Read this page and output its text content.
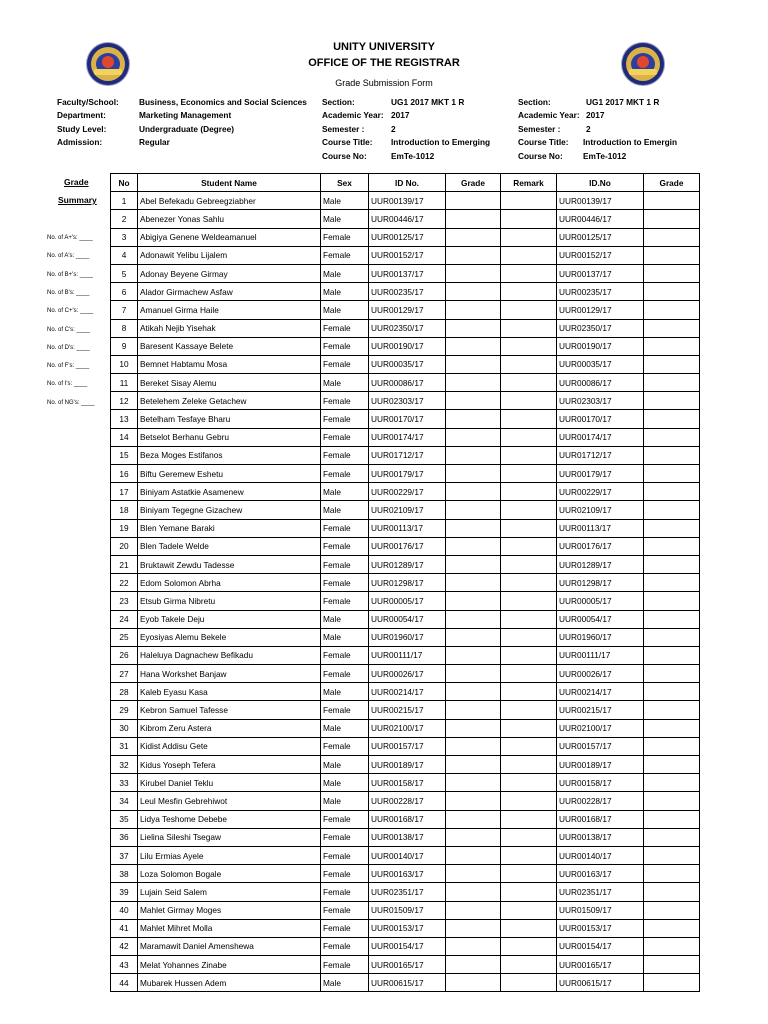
UNITY UNIVERSITY
OFFICE OF THE REGISTRAR
Grade Submission Form
Faculty/School: Business, Economics and Social Sciences
Department:	Marketing Management
Study Level:	Undergraduate (Degree)
Admission:	Regular
Section:	UG1 2017 MKT 1 R
Academic Year: 2017
Semester :	2
Course Title: Introduction to Emerging
Course No:	EmTe-1012
Section:	UG1 2017 MKT 1 R
Academic Year: 2017
Semester :	2
Course Title: Introduction to Emergin
Course No: EmTe-1012
Grade
Summary
No. of A+'s: ____
No. of A's: ____
No. of B+'s: ____
No. of B's: ____
No. of C+'s: ____
No. of C's: ____
No. of D's: ____
No. of F's: ____
No. of I's: ____
No. of NG's: ____
No	Student Name	Sex	ID No.	Grade	Remark	ID.No	Grade
1	Abel Befekadu Gebreegziabher	Male	UUR00139/17			UUR00139/17	
2	Abenezer Yonas Sahlu	Male	UUR00446/17			UUR00446/17	
3	Abigiya Genene Weldeamanuel	Female	UUR00125/17			UUR00125/17	
4	Adonawit Yelibu Lijalem	Female	UUR00152/17			UUR00152/17	
5	Adonay Beyene Girmay	Male	UUR00137/17			UUR00137/17	
6	Alador Girmachew Asfaw	Male	UUR00235/17			UUR00235/17	
7	Amanuel Girma Haile	Male	UUR00129/17			UUR00129/17	
8	Atikah Nejib Yisehak	Female	UUR02350/17			UUR02350/17	
9	Baresent Kassaye Belete	Female	UUR00190/17			UUR00190/17	
10	Bemnet Habtamu Mosa	Female	UUR00035/17			UUR00035/17	
11	Bereket Sisay Alemu	Male	UUR00086/17			UUR00086/17	
12	Betelehem Zeleke Getachew	Female	UUR02303/17			UUR02303/17	
13	Betelham Tesfaye Bharu	Female	UUR00170/17			UUR00170/17	
14	Betselot Berhanu Gebru	Female	UUR00174/17			UUR00174/17	
15	Beza Moges Estifanos	Female	UUR01712/17			UUR01712/17	
16	Biftu Geremew Eshetu	Female	UUR00179/17			UUR00179/17	
17	Biniyam Astatkie Asamenew	Male	UUR00229/17			UUR00229/17	
18	Biniyam Tegegne Gizachew	Male	UUR02109/17			UUR02109/17	
19	Blen Yemane Baraki	Female	UUR00113/17			UUR00113/17	
20	Blen Tadele Welde	Female	UUR00176/17			UUR00176/17	
21	Bruktawit Zewdu Tadesse	Female	UUR01289/17			UUR01289/17	
22	Edom Solomon Abrha	Female	UUR01298/17			UUR01298/17	
23	Etsub Girma Nibretu	Female	UUR00005/17			UUR00005/17	
24	Eyob Takele Deju	Male	UUR00054/17			UUR00054/17	
25	Eyosiyas Alemu Bekele	Male	UUR01960/17			UUR01960/17	
26	Haleluya Dagnachew Befikadu	Female	UUR00111/17			UUR00111/17	
27	Hana Workshet Banjaw	Female	UUR00026/17			UUR00026/17	
28	Kaleb Eyasu Kasa	Male	UUR00214/17			UUR00214/17	
29	Kebron Samuel Tafesse	Female	UUR00215/17			UUR00215/17	
30	Kibrom Zeru Astera	Male	UUR02100/17			UUR02100/17	
31	Kidist Addisu Gete	Female	UUR00157/17			UUR00157/17	
32	Kidus Yoseph Tefera	Male	UUR00189/17			UUR00189/17	
33	Kirubel Daniel Teklu	Male	UUR00158/17			UUR00158/17	
34	Leul Mesfin Gebrehiwot	Male	UUR00228/17			UUR00228/17	
35	Lidya Teshome Debebe	Female	UUR00168/17			UUR00168/17	
36	Lielina Sileshi Tsegaw	Female	UUR00138/17			UUR00138/17	
37	Lilu Ermias Ayele	Female	UUR00140/17			UUR00140/17	
38	Loza Solomon Bogale	Female	UUR00163/17			UUR00163/17	
39	Lujain Seid Salem	Female	UUR02351/17			UUR02351/17	
40	Mahlet Girmay Moges	Female	UUR01509/17			UUR01509/17	
41	Mahlet Mihret Molla	Female	UUR00153/17			UUR00153/17	
42	Maramawit Daniel Amenshewa	Female	UUR00154/17			UUR00154/17	
43	Melat Yohannes Zinabe	Female	UUR00165/17			UUR00165/17	
44	Mubarek Hussen Adem	Male	UUR00615/17			UUR00615/17	
